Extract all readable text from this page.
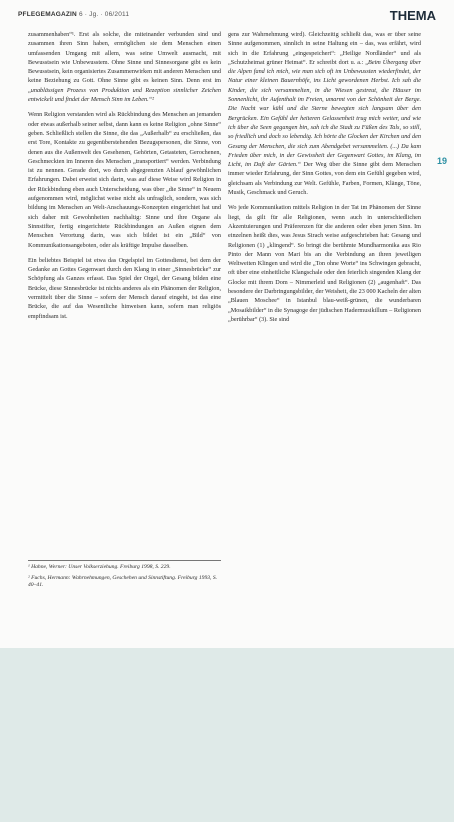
PFLEGEMAGAZIN 6 · Jg. · 06/2011	THEMA
19

zusammenhaben“¹. Erst als solche, die miteinander verbunden sind und zusammen ihren Sinn haben, ermöglichen sie dem Menschen einen umfassenden Umgang mit allem, was seine Umwelt ausmacht, mit Bewusstsein wie Unbewusstem. Ohne Sinne und Sinnesorgane gibt es kein Bewusstsein, kein organisiertes Zusammenwirken mit anderen Menschen und keine Beziehung zu Gott. Ohne Sinne gibt es keinen Sinn. Denn erst im „unablässigen Prozess von Produktion und Rezeption sinnlicher Zeichen entwickelt und findet der Mensch Sinn im Leben.“²

Wenn Religion verstanden wird als Rückbindung des Menschen an jemanden oder etwas außerhalb seiner selbst, dann kann es keine Religion „ohne Sinne“ geben. Schließlich stellen die Sinne, die das „Außerhalb“ zu erschließen, das erst Tore, Kontakte zu gegenüberstehenden Bezugspersonen, die Sinne, von denen aus die Außenwelt des Gesehenen, Gehörten, Getasteten, Gerochenen, Geschmeckten im Inneren des Menschen „transportiert“ werden. Verbindung ist zu nennen. Gerade dort, wo durch abgegrenzten Ablauf gewöhnlichen Erfahrungen. Dabei erweist sich darin, was auf diese Weise wird Religion in der Rückbindung eben auch Unterscheidung, was über „die Sinne“ in Neuem aufgenommen wird, möglichst weise nicht als unfraglich, sondern, was sich bildung im Menschen an Welt-Anschauungs-Konzepten eingerichtet hat und sich daher mit Gewohnheiten nachhaltig: Sinne und ihre Organe als Sinnstifter, fertig eingerichtete Rückbindungen an Außen eignen dem Menschen Verortung darin, was sich bildet ist ein „Bild“ von Kommunikationsangeboten, oder als kräftige Impulse dasselben.

Ein beliebtes Beispiel ist etwa das Orgelspiel im Gottesdienst, bei dem der Gedanke an Gottes Gegenwart durch den Klang in einer „Sinnesbrücke“ zur Schöpfung als Ganzes erfasst. Das Spiel der Orgel, der Gesang bilden eine Brücke, diese Sinnesbrücke ist nichts anderes als ein Phänomen der Religion, vermittelt über die Sinne – sofern der Mensch darauf eingeht, ist das eine Brücke, die auf das Wesentliche hinweisen kann, sofern man religiös empfindsam ist.

¹ Hahne, Werner: Unser Volkserziehung. Freiburg 1998, S. 229.

² Fuchs, Hermann: Wahrnehmungen, Geschehen und Sinnstiftung. Freiburg 1993, S. 40–41.

gens zur Wahrnehmung wird). Gleichzeitig schließt das, was er über seine Sinne aufgenommen, sinnlich in seine Haltung ein – das, was erfährt, wird sich in die Erfahrung „eingespeichert“: „Heilige Nordländer“ und als „Schutzheimat grüner Heimat“. Er schreibt dort u. a.: „Beim Übergang über die Alpen fand ich mich, wie man sich oft im Unbewussten wiederfindet, der Natur einer kleinen Bauernhöfe, ins Licht gewordenen Herbst. Ich sah die Kinder, die sich versammelten, in die Wiesen gestreut, die Häuser im Sonnenlicht, ihr Aufenthalt im Freien, umarmt von der Schönheit der Berge. Die Nacht war kühl und die Sterne bewegten sich langsam über den Bergrücken. Ein Gefühl der heiteren Gelassenheit trug mich weiter, und wie ich über die Seen gegangen bin, sah ich die Stadt zu Füßen des Tals, so still, so friedlich und doch so lebendig. Ich hörte die Glocken der Kirchen und den Gesang der Menschen, die sich zum Abendgebet versammelten. (...) Da kam Frieden über mich, in der Gewissheit der Gegenwart Gottes, im Klang, im Licht, im Duft der Gärten.“ Der Weg über die Sinne gibt dem Menschen immer wieder Erfahrung, der Sinn Gottes, von dem ein Gefühl gegeben wird, gleichsam als Verbindung zur Welt. Gefühle, Farben, Formen, Klänge, Töne, Musik, Geschmack und Geruch.

Wo jede Kommunikation mittels Religion in der Tat im Phänomen der Sinne liegt, da gilt für alle Religionen, wenn auch in unterschiedlichen Akzentuierungen und Präferenzen für die anderen oder eben jenen Sinn. Im einzelnen heißt dies, was Jesus Sirach weise aufgeschrieben hat: Gesang und Religionen (1) „klingend“. So bringt die berühmte Mundharmonika aus Rio Pinto der Mann von Mari bis an die Verbindung an ihren jeweiligen Weltweiten Klingen und wird die „Ton ohne Worte“ ins Schwingen gebracht, oft über eine einheitliche Klangschale oder den feierlich singenden Klang der Glocke mit ihrem Dom – Nimmerleid und Religionen (2) „augenhaft“. Das besondere der Darbringungsbilder, der Weisheit, die 23 000 Kacheln der alten „Blauen Moschee“ in Istanbul blau-weiß-grünen, die wunderbaren „Mosaikbilder“ in die Synagoge der jüdischen Hadermusikillum – Religionen „berührbar“ (3). Sie sind
